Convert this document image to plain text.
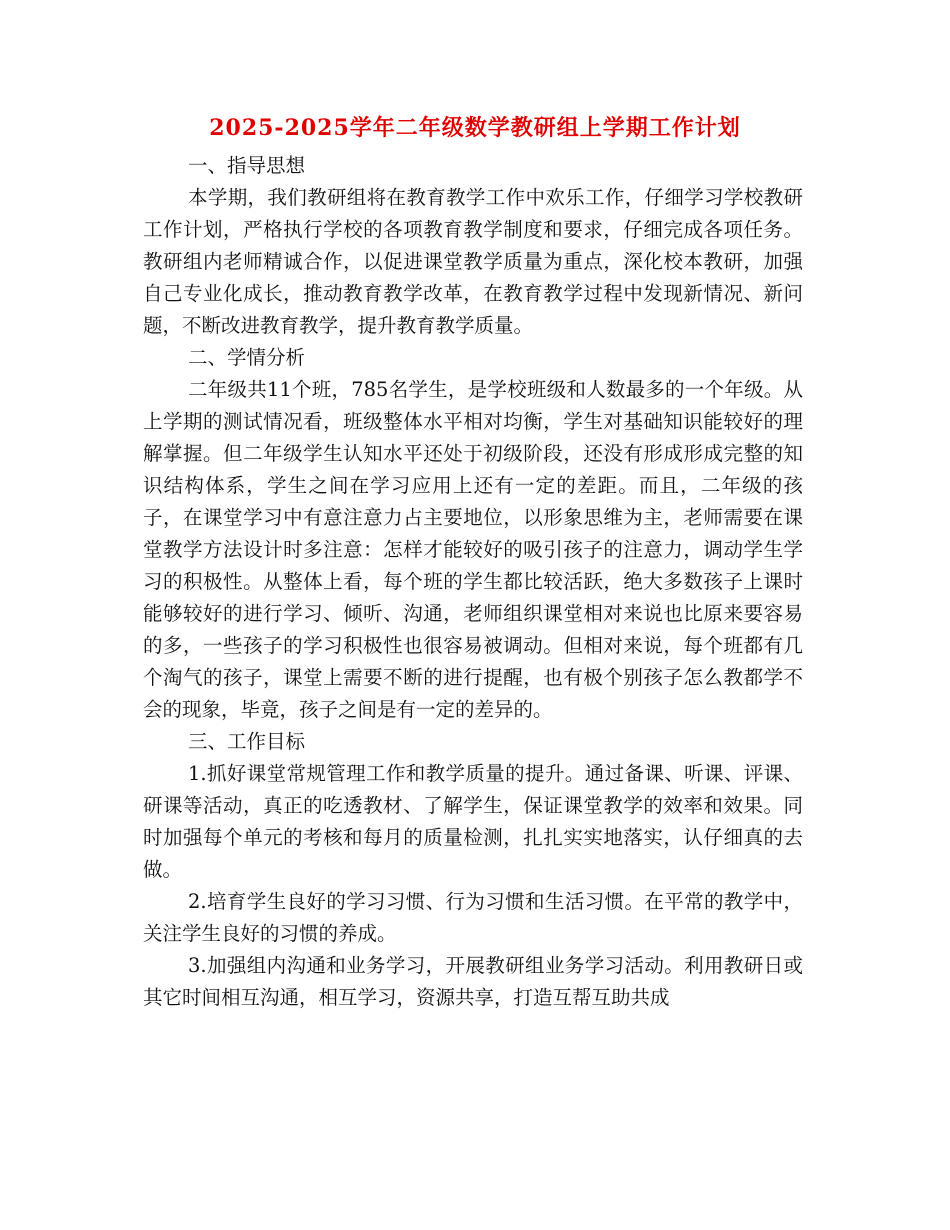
2025-2025学年二年级数学教研组上学期工作计划

一、指导思想

本学期，我们教研组将在教育教学工作中欢乐工作，仔细学习学校教研工作计划，严格执行学校的各项教育教学制度和要求，仔细完成各项任务。教研组内老师精诚合作，以促进课堂教学质量为重点，深化校本教研，加强自己专业化成长，推动教育教学改革，在教育教学过程中发现新情况、新问题，不断改进教育教学，提升教育教学质量。

二、学情分析

二年级共11个班，785名学生，是学校班级和人数最多的一个年级。从上学期的测试情况看，班级整体水平相对均衡，学生对基础知识能较好的理解掌握。但二年级学生认知水平还处于初级阶段，还没有形成形成完整的知识结构体系，学生之间在学习应用上还有一定的差距。而且，二年级的孩子，在课堂学习中有意注意力占主要地位，以形象思维为主，老师需要在课堂教学方法设计时多注意：怎样才能较好的吸引孩子的注意力，调动学生学习的积极性。从整体上看，每个班的学生都比较活跃，绝大多数孩子上课时能够较好的进行学习、倾听、沟通，老师组织课堂相对来说也比原来要容易的多，一些孩子的学习积极性也很容易被调动。但相对来说，每个班都有几个淘气的孩子，课堂上需要不断的进行提醒，也有极个别孩子怎么教都学不会的现象，毕竟，孩子之间是有一定的差异的。

三、工作目标

1.抓好课堂常规管理工作和教学质量的提升。通过备课、听课、评课、研课等活动，真正的吃透教材、了解学生，保证课堂教学的效率和效果。同时加强每个单元的考核和每月的质量检测，扎扎实实地落实，认仔细真的去做。

2.培育学生良好的学习习惯、行为习惯和生活习惯。在平常的教学中，关注学生良好的习惯的养成。

3.加强组内沟通和业务学习，开展教研组业务学习活动。利用教研日或其它时间相互沟通，相互学习，资源共享，打造互帮互助共成
